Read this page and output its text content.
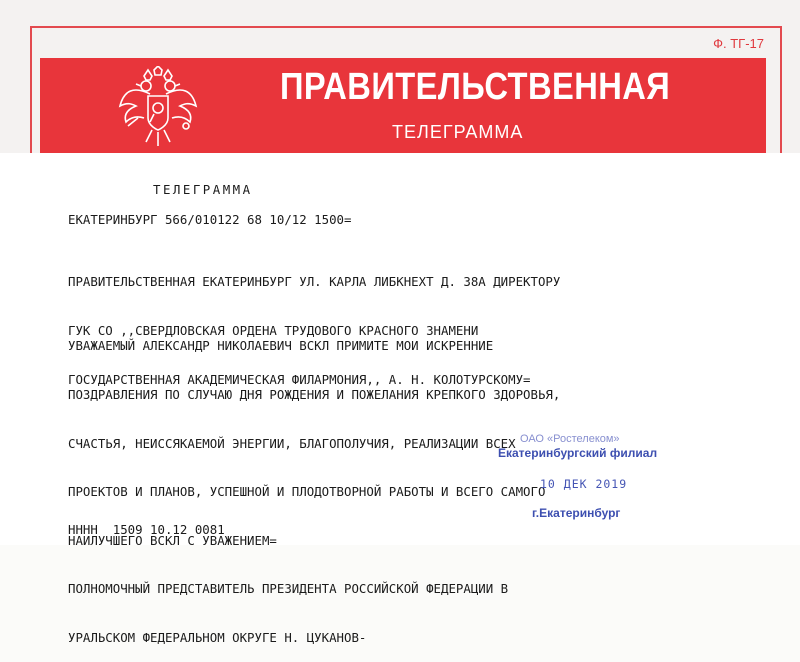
Ф. ТГ-17
ПРАВИТЕЛЬСТВЕННАЯ
ТЕЛЕГРАММА
ТЕЛЕГРАММА
ЕКАТЕРИНБУРГ 566/010122 68 10/12 1500=

ПРАВИТЕЛЬСТВЕННАЯ ЕКАТЕРИНБУРГ УЛ. КАРЛА ЛИБКНЕХТ Д. 38А ДИРЕКТОРУ

ГУК СО ,,СВЕРДЛОВСКАЯ ОРДЕНА ТРУДОВОГО КРАСНОГО ЗНАМЕНИ

ГОСУДАРСТВЕННАЯ АКАДЕМИЧЕСКАЯ ФИЛАРМОНИЯ,, А. Н. КОЛОТУРСКОМУ=

УВАЖАЕМЫЙ АЛЕКСАНДР НИКОЛАЕВИЧ ВСКЛ ПРИМИТЕ МОИ ИСКРЕННИЕ

ПОЗДРАВЛЕНИЯ ПО СЛУЧАЮ ДНЯ РОЖДЕНИЯ И ПОЖЕЛАНИЯ КРЕПКОГО ЗДОРОВЬЯ,

СЧАСТЬЯ, НЕИССЯКАЕМОЙ ЭНЕРГИИ, БЛАГОПОЛУЧИЯ, РЕАЛИЗАЦИИ ВСЕХ

ПРОЕКТОВ И ПЛАНОВ, УСПЕШНОЙ И ПЛОДОТВОРНОЙ РАБОТЫ И ВСЕГО САМОГО

НАИЛУЧШЕГО ВСКЛ С УВАЖЕНИЕМ=

ПОЛНОМОЧНЫЙ ПРЕДСТАВИТЕЛЬ ПРЕЗИДЕНТА РОССИЙСКОЙ ФЕДЕРАЦИИ В

УРАЛЬСКОМ ФЕДЕРАЛЬНОМ ОКРУГЕ Н. ЦУКАНОВ-

ОАО «Ростелеком»
Екатеринбургский филиал
10 ДЕК 2019
г.Екатеринбург
НННН  1509 10.12 0081
